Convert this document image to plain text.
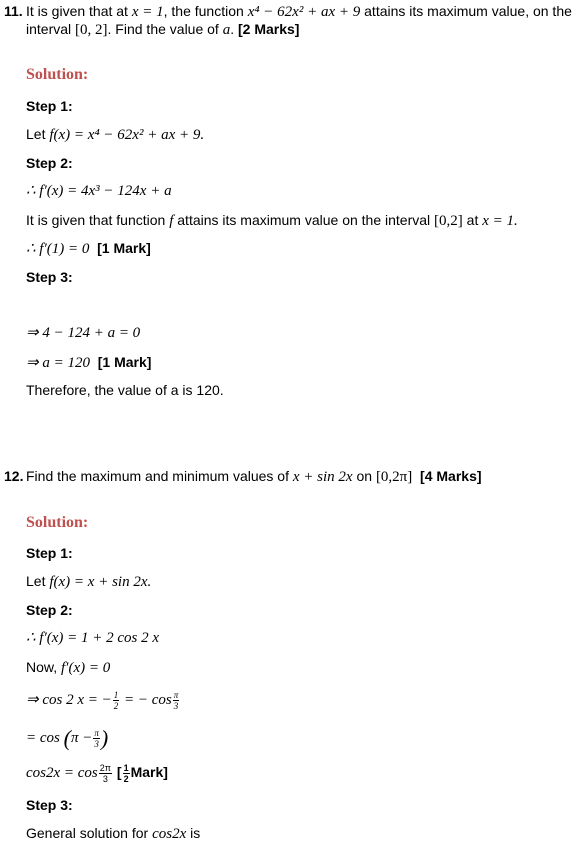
11. It is given that at x = 1, the function x⁴ − 62x² + ax + 9 attains its maximum value, on the
interval [0, 2]. Find the value of a. [2 Marks]
Solution:
Step 1:
Let f(x) = x⁴ − 62x² + ax + 9.
Step 2:
∴ f′(x) = 4x³ − 124x + a
It is given that function f attains its maximum value on the interval [0,2] at x = 1.
∴ f′(1) = 0 [1 Mark]
Step 3:
⇒ 4 − 124 + a = 0
⇒ a = 120 [1 Mark]
Therefore, the value of a is 120.
12. Find the maximum and minimum values of x + sin 2x on [0,2π] [4 Marks]
Solution:
Step 1:
Let f(x) = x + sin 2x.
Step 2:
∴ f′(x) = 1 + 2 cos 2 x
Now, f′(x) = 0
⇒ cos 2 x = − $\frac{1}{2}$ = − $\cos \frac{\pi}{3}$
= $\cos (\pi - \frac{\pi}{3}$ )
$\cos 2x = \cos \frac{2\pi}{3}$ [ $\frac{1}{2}$ Mark]
Step 3:
General solution for cos2x is
